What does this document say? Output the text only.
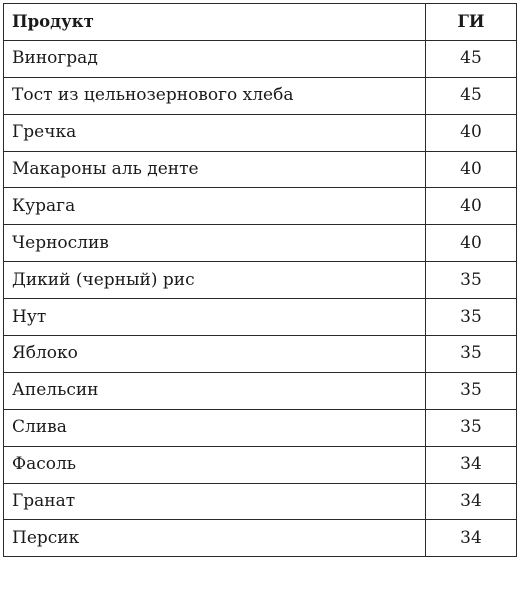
Продукт	ГИ
Виноград	45
Тост из цельнозернового хлеба	45
Гречка	40
Макароны аль денте	40
Курага	40
Чернослив	40
Дикий (черный) рис	35
Нут	35
Яблоко	35
Апельсин	35
Слива	35
Фасоль	34
Гранат	34
Персик	34
